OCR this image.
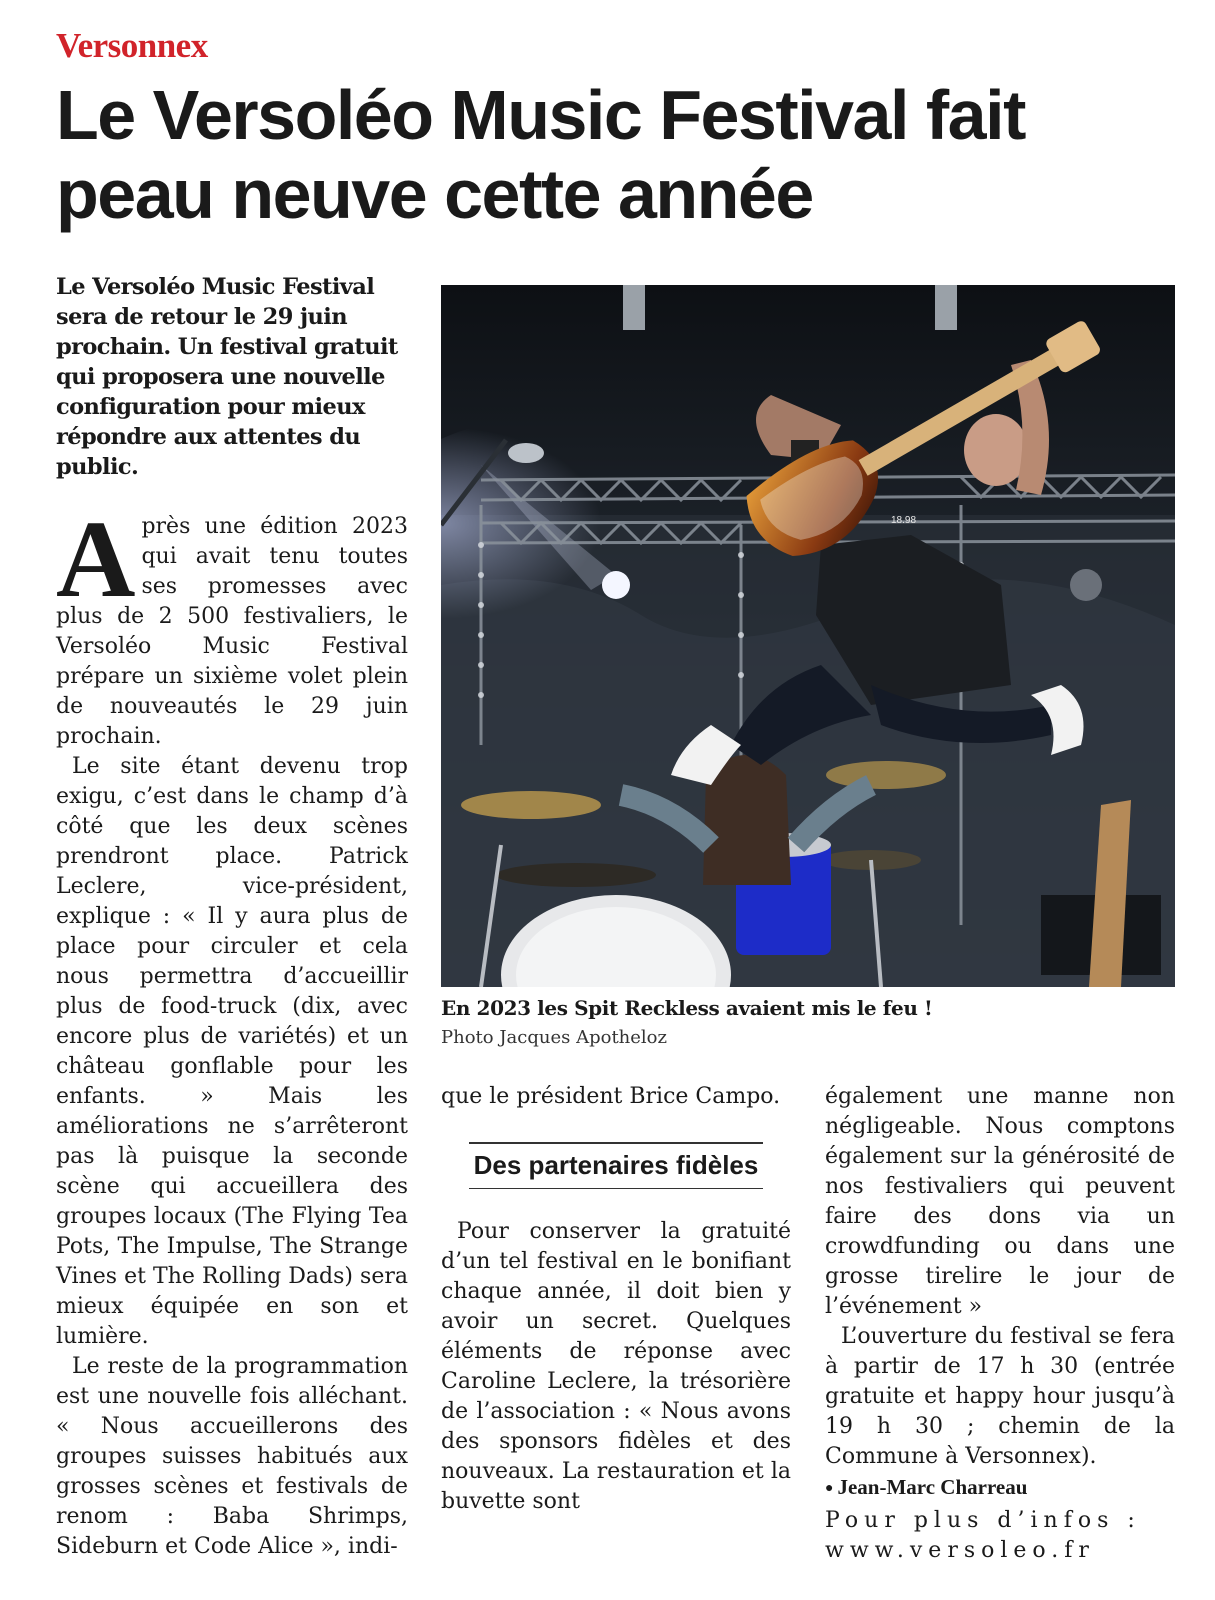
Versonnex
Le Versoléo Music Festival fait peau neuve cette année

Le Versoléo Music Festival sera de retour le 29 juin prochain. Un festival gratuit qui proposera une nouvelle configuration pour mieux répondre aux attentes du public.

Après une édition 2023 qui avait tenu toutes ses promesses avec plus de 2 500 festivaliers, le Versoléo Music Festival prépare un sixième volet plein de nouveautés le 29 juin prochain.

Le site étant devenu trop exigu, c’est dans le champ d’à côté que les deux scènes prendront place. Patrick Leclere, vice-président, explique : « Il y aura plus de place pour circuler et cela nous permettra d’accueillir plus de food-truck (dix, avec encore plus de variétés) et un château gonflable pour les enfants. » Mais les améliorations ne s’arrêteront pas là puisque la seconde scène qui accueillera des groupes locaux (The Flying Tea Pots, The Impulse, The Strange Vines et The Rolling Dads) sera mieux équipée en son et lumière.

Le reste de la programmation est une nouvelle fois alléchant. « Nous accueillerons des groupes suisses habitués aux grosses scènes et festivals de renom : Baba Shrimps, Sideburn et Code Alice », indi-

18.98
En 2023 les Spit Reckless avaient mis le feu !
Photo Jacques Apotheloz

que le président Brice Campo.

Des partenaires fidèles

Pour conserver la gratuité d’un tel festival en le bonifiant chaque année, il doit bien y avoir un secret. Quelques éléments de réponse avec Caroline Leclere, la trésorière de l’association : « Nous avons des sponsors fidèles et des nouveaux. La restauration et la buvette sont

également une manne non négligeable. Nous comptons également sur la générosité de nos festivaliers qui peuvent faire des dons via un crowdfunding ou dans une grosse tirelire le jour de l’événement »

L’ouverture du festival se fera à partir de 17 h 30 (entrée gratuite et happy hour jusqu’à 19 h 30 ; chemin de la Commune à Versonnex).

● Jean-Marc Charreau

Pour plus d’infos : www.versoleo.fr
